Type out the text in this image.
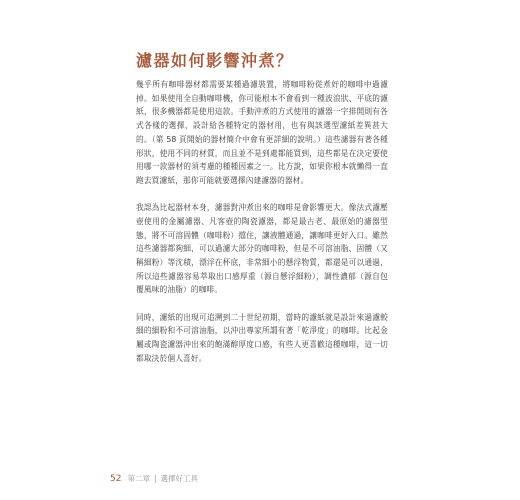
濾器如何影響沖煮？

幾乎所有咖啡器材都需要某種過濾裝置，將咖啡粉從煮好的咖啡中過濾掉。如果使用全自動咖啡機，你可能根本不會看到一種波浪狀、平底的濾紙，很多機器都是使用這款。手動沖煮的方式使用的濾器一字排開則有各式各樣的選擇，設計給各種特定的器材用，也有與該選型濾紙差異甚大的。（第 58 頁開始的器材簡介中會有更詳細的說明。）這些濾器有著各種形狀，使用不同的材質，而且並不是到處都能買到，這些都是在決定要使用哪一款器材的須考慮的種種因素之一。比方說，如果你根本就懶得一直跑去買濾紙，那你可能就要選擇內建濾器的器材。

我認為比起器材本身，濾器對沖煮出來的咖啡是會影響更大。像法式濾壓壺使用的金屬濾器、凡客壺的陶瓷濾器，都是最古老、最原始的濾器型態，將不可溶固體（咖啡粉）擋住，讓液體通過，讓咖啡更好入口。雖然這些濾器都夠細，可以過濾大部分的咖啡粉，但是不可溶油脂、固體（又稱細粉）等沈積，漂浮在杯底，非常細小的懸浮物質，都還是可以通過，所以這些濾器容易萃取出口感厚重（源自懸浮細粉），調性濃郁（源自包覆風味的油脂）的咖啡。

同時，濾紙的出現可追溯到二十世紀初期，當時的濾紙就是設計來過濾較細的細粉和不可溶油脂，以沖出專家所謂有著「乾淨度」的咖啡。比起金屬或陶瓷濾器沖出來的飽滿醇厚度口感，有些人更喜歡這種咖啡，這一切都取決於個人喜好。

52 第二章 | 選擇好工具
